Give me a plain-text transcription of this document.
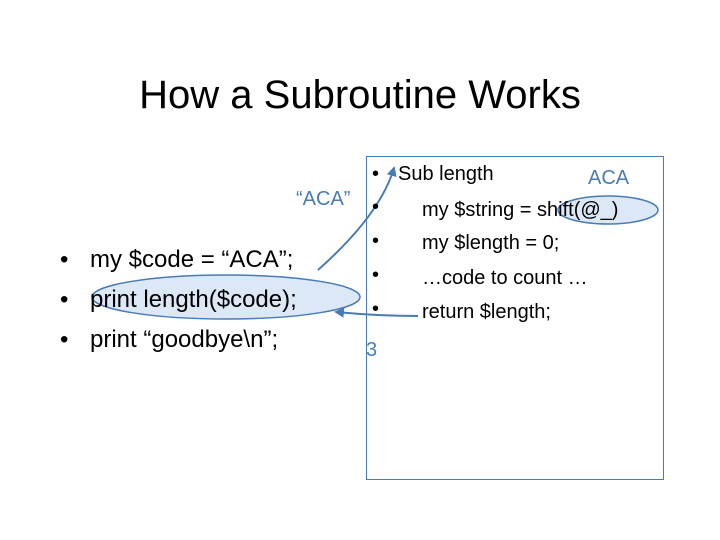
How a Subroutine Works
• my $code = “ACA”;
• print length($code);
• print “goodbye\n”;
•
•
•
•
•
Sub length
my $string = shift(@_)
my $length = 0;
…code to count …
return $length;
ACA
“ACA”
3
